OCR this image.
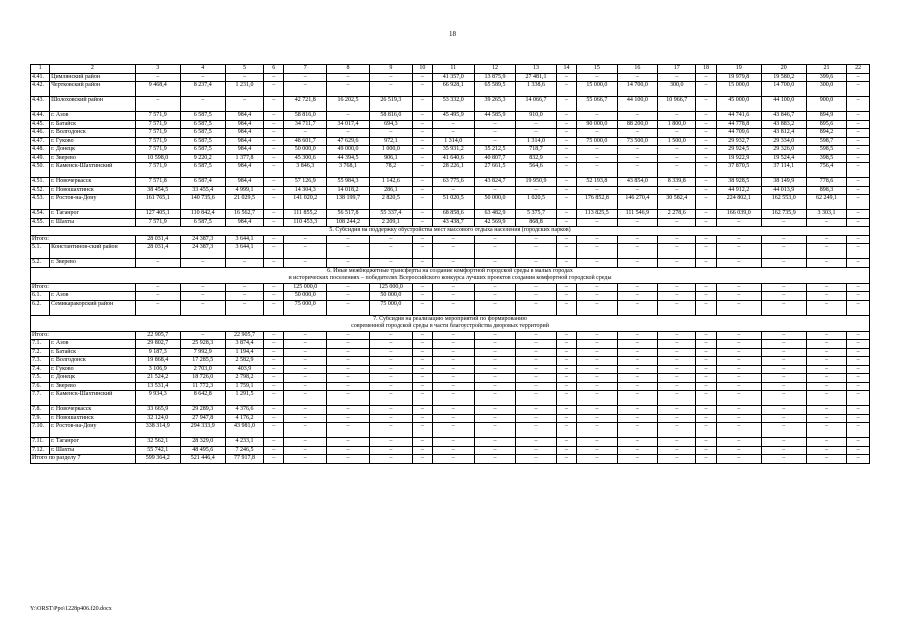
18
1	2	3	4	5	6	7	8	9	10	11	12	13	14	15	16	17	18	19	20	21	22
4.41.	Цимлянский район	–	–	–	–	–	–	–	–	41 357,0	13 875,9	27 481,1	–	–	–	–	–	19 979,8	19 580,2	399,6	–
4.42.	Чертковский район	9 468,4	8 237,4	1 231,0	–	–	–	–	–	66 928,1	65 589,5	1 338,6	–	15 000,0	14 700,0	300,0	–	15 000,0	14 700,0	300,0	–
4.43.	Шолоховский район	–	–	–	–	42 721,8	16 202,5	26 519,3	–	53 332,0	39 265,3	14 066,7	–	55 066,7	44 100,0	10 966,7	–	45 000,0	44 100,0	900,0	–
4.44.	г. Азов	7 571,9	6 587,5	984,4	–	58 816,0	–	58 816,0	–	45 495,9	44 585,9	910,0	–	–	–	–	–	44 741,6	43 846,7	894,9	–
4.45.	г. Батайск	7 571,9	6 587,5	984,4	–	34 711,7	34 017,4	694,3	–	–	–	–	–	90 000,0	88 200,0	1 800,0	–	44 778,8	43 883,2	895,6	–
4.46.	г. Волгодонск	7 571,9	6 587,5	984,4	–	–	–	–	–	–	–	–	–	–	–	–	–	44 709,6	43 812,4	894,2	–
4.47.	г. Гуково	7 571,9	6 587,5	984,4	–	48 601,7	47 629,6	972,1	–	1 314,0	–	1 314,0	–	75 000,0	73 500,0	1 500,0	–	29 932,7	29 334,0	598,7	–
4.48.	г. Донецк	7 571,9	6 587,5	984,4	–	50 000,0	49 000,0	1 000,0	–	35 931,2	35 212,5	718,7	–	–	–	–	–	29 924,5	29 326,0	598,5	–
4.49.	г. Зверево	10 598,0	9 220,2	1 377,8	–	45 300,6	44 394,5	906,1	–	41 640,6	40 807,7	832,9	–	–	–	–	–	19 922,9	19 524,4	398,5	–
4.50.	г. Каменск-Шахтинский	7 571,9	6 587,5	984,4	–	3 846,3	3 768,1	78,2	–	28 226,1	27 661,5	564,6	–	–	–	–	–	37 870,5	37 114,1	756,4	–
4.51.	г. Новочеркасск	7 571,8	6 587,4	984,4	–	57 126,9	55 984,3	1 142,6	–	63 775,6	43 824,7	19 950,9	–	52 193,8	43 854,0	8 339,8	–	38 928,5	38 149,9	778,6	–
4.52.	г. Новошахтинск	38 454,5	33 455,4	4 999,1	–	14 304,3	14 018,2	286,1	–	–	–	–	–	–	–	–	–	44 912,2	44 013,9	898,3	–
4.53.	г. Ростов-на-Дону	161 765,1	140 735,6	21 029,5	–	141 020,2	138 199,7	2 820,5	–	51 020,5	50 000,0	1 020,5	–	176 852,8	146 270,4	30 582,4	–	224 802,1	162 553,0	62 249,1	–
4.54.	г. Таганрог	127 405,1	110 842,4	16 562,7	–	111 855,2	56 517,8	55 337,4	–	68 858,6	63 482,9	5 375,7	–	113 825,5	111 546,9	2 278,6	–	166 039,0	162 735,9	3 303,1	–
4.55.	г. Шахты	7 571,9	6 587,5	984,4	–	110 453,3	108 244,2	2 209,1	–	43 438,7	42 569,9	868,8	–	–	–	–	–	–	–	–	–
5. Субсидия на поддержку обустройства мест массового отдыха населения (городских парков)																					
Итого:		28 031,4	24 387,3	3 644,1	–	–	–	–	–	–	–	–	–	–	–	–	–	–	–	–	–
5.1.	Константинов-ский район	28 031,4	24 387,3	3 644,1	–	–	–	–	–	–	–	–	–	–	–	–	–	–	–	–	–
5.2.	г. Зверево	–	–	–	–	–	–	–	–	–	–	–	–	–	–	–	–	–	–	–	–

6. Иные межбюджетные трансферты на создание комфортной городской среды в малых городах
и исторических поселениях – победителях Всероссийского конкурса лучших проектов создания комфортной городской среды																					

Итого:		–	–	–	–	125 000,0	–	125 000,0	–	–	–	–	–	–	–	–	–	–	–	–	–
6.1.	г. Азов	–	–	–	–	50 000,0	–	50 000,0	–	–	–	–	–	–	–	–	–	–	–	–	–
6.2.	Семикаракорский район	–	–	–	–	75 000,0	–	75 000,0	–	–	–	–	–	–	–	–	–	–	–	–	–

7. Субсидия на реализацию мероприятий по формированию
современной городской среды в части благоустройства дворовых территорий																					

Итого:		22 905,7	–	22 905,7	–	–	–	–	–	–	–	–	–	–	–	–	–	–	–	–	–
7.1.	г. Азов	29 802,7	25 928,3	3 874,4	–	–	–	–	–	–	–	–	–	–	–	–	–	–	–	–	–
7.2.	г. Батайск	9 187,3	7 992,9	1 194,4	–	–	–	–	–	–	–	–	–	–	–	–	–	–	–	–	–
7.3.	г. Волгодонск	19 868,4	17 285,5	2 582,9	–	–	–	–	–	–	–	–	–	–	–	–	–	–	–	–	–
7.4.	г. Гуково	3 106,9	2 703,0	403,9	–	–	–	–	–	–	–	–	–	–	–	–	–	–	–	–	–
7.5.	г. Донецк	21 524,2	18 726,0	2 798,2	–	–	–	–	–	–	–	–	–	–	–	–	–	–	–	–	–
7.6.	г. Зверево	13 531,4	11 772,3	1 759,1	–	–	–	–	–	–	–	–	–	–	–	–	–	–	–	–	–
7.7.	г. Каменск-Шахтинский	9 934,3	8 642,8	1 291,5	–	–	–	–	–	–	–	–	–	–	–	–	–	–	–	–	–
7.8.	г. Новочеркасск	33 665,9	29 289,3	4 376,6	–	–	–	–	–	–	–	–	–	–	–	–	–	–	–	–	–
7.9.	г. Новошахтинск	32 124,0	27 947,8	4 176,2	–	–	–	–	–	–	–	–	–	–	–	–	–	–	–	–	–
7.10.	г. Ростов-на-Дону	338 314,9	294 333,9	43 981,0	–	–	–	–	–	–	–	–	–	–	–	–	–	–	–	–	–
7.11.	г. Таганрог	32 562,1	28 329,0	4 233,1	–	–	–	–	–	–	–	–	–	–	–	–	–	–	–	–	–
7.12.	г. Шахты	55 742,1	48 495,6	7 246,5	–	–	–	–	–	–	–	–	–	–	–	–	–	–	–	–	–
Итого по разделу 7		599 364,2	521 446,4	77 917,8	–	–	–	–	–	–	–	–	–	–	–	–	–	–	–	–	–
Y:\ORST\Ppo\1228p406.f20.docx
